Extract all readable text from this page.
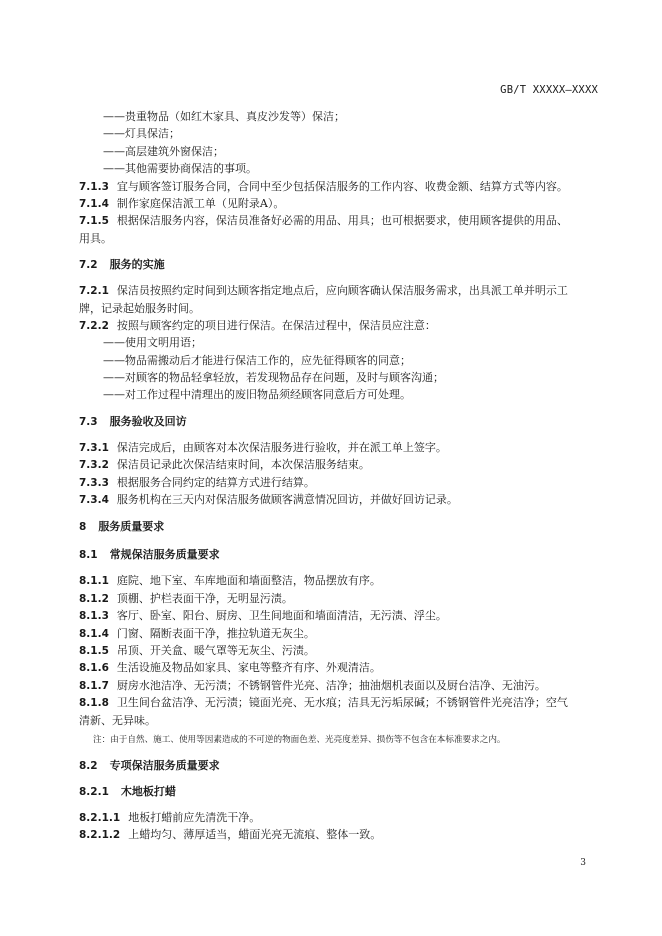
GB/T XXXXX—XXXX
——贵重物品（如红木家具、真皮沙发等）保洁；
——灯具保洁；
——高层建筑外窗保洁；
——其他需要协商保洁的事项。
7.1.3 宜与顾客签订服务合同，合同中至少包括保洁服务的工作内容、收费金额、结算方式等内容。
7.1.4 制作家庭保洁派工单（见附录A）。
7.1.5 根据保洁服务内容，保洁员准备好必需的用品、用具；也可根据要求，使用顾客提供的用品、
用具。
7.2 服务的实施
7.2.1 保洁员按照约定时间到达顾客指定地点后，应向顾客确认保洁服务需求，出具派工单并明示工
牌，记录起始服务时间。
7.2.2 按照与顾客约定的项目进行保洁。在保洁过程中，保洁员应注意：
——使用文明用语；
——物品需搬动后才能进行保洁工作的，应先征得顾客的同意；
——对顾客的物品轻拿轻放，若发现物品存在问题，及时与顾客沟通；
——对工作过程中清理出的废旧物品须经顾客同意后方可处理。
7.3 服务验收及回访
7.3.1 保洁完成后，由顾客对本次保洁服务进行验收，并在派工单上签字。
7.3.2 保洁员记录此次保洁结束时间，本次保洁服务结束。
7.3.3 根据服务合同约定的结算方式进行结算。
7.3.4 服务机构在三天内对保洁服务做顾客满意情况回访，并做好回访记录。
8 服务质量要求
8.1 常规保洁服务质量要求
8.1.1 庭院、地下室、车库地面和墙面整洁，物品摆放有序。
8.1.2 顶棚、护栏表面干净，无明显污渍。
8.1.3 客厅、卧室、阳台、厨房、卫生间地面和墙面清洁，无污渍、浮尘。
8.1.4 门窗、隔断表面干净，推拉轨道无灰尘。
8.1.5 吊顶、开关盒、暖气罩等无灰尘、污渍。
8.1.6 生活设施及物品如家具、家电等整齐有序、外观清洁。
8.1.7 厨房水池洁净、无污渍；不锈钢管件光亮、洁净；抽油烟机表面以及厨台洁净、无油污。
8.1.8 卫生间台盆洁净、无污渍；镜面光亮、无水痕；洁具无污垢尿碱；不锈钢管件光亮洁净；空气
清新、无异味。
注：由于自然、施工、使用等因素造成的不可逆的物面色差、光亮度差异、损伤等不包含在本标准要求之内。
8.2 专项保洁服务质量要求
8.2.1 木地板打蜡
8.2.1.1 地板打蜡前应先清洗干净。
8.2.1.2 上蜡均匀、薄厚适当，蜡面光亮无流痕、整体一致。
3
